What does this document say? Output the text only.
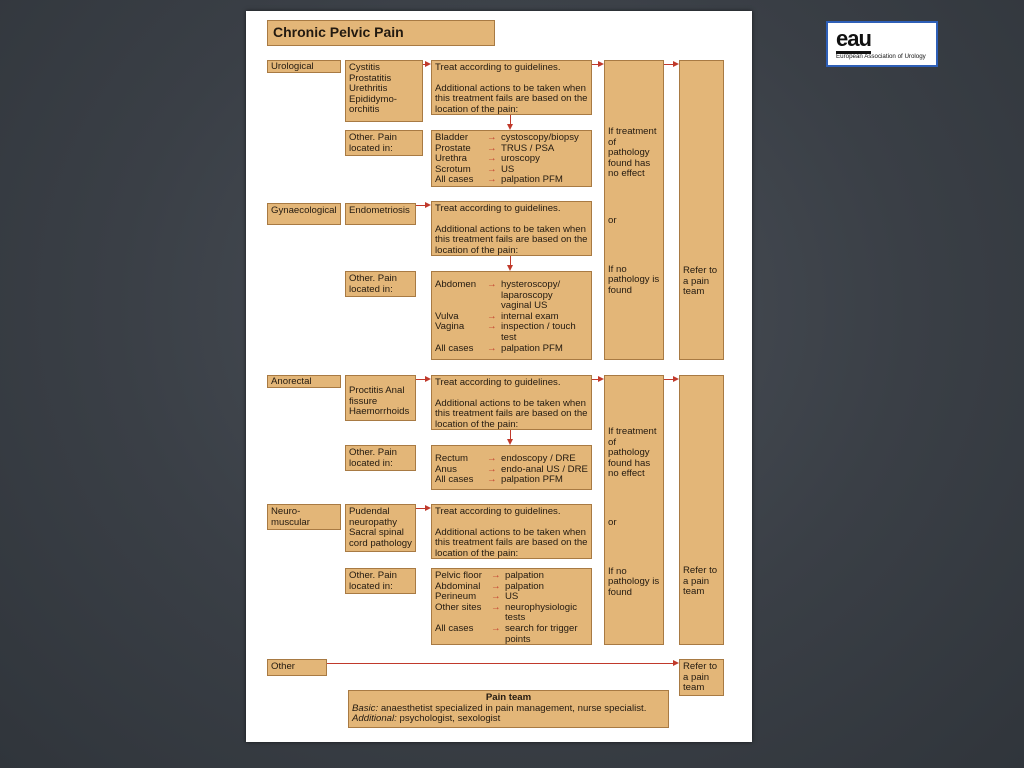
Chronic Pelvic Pain
Urological	Cystitis Prostatitis Urethritis Epididymo-orchitis
Treat according to guidelines.
Additional actions to be taken when this treatment fails are based on the location of the pain:
Other. Pain located in:
Bladder	→ cystoscopy/biopsy
Prostate	→ TRUS / PSA
Urethra	→ uroscopy
Scrotum	→ US
All cases	→ palpation PFM
Gynaecological	Endometriosis	Treat according to guidelines.
Additional actions to be taken when this treatment fails are based on the location of the pain:
Other. Pain located in:	Abdomen	→ hysteroscopy/ laparoscopy vaginal US
Vulva	→ internal exam
Vagina	→ inspection / touch test
All cases	→ palpation PFM
Anorectal
Proctitis Anal fissure Haemorrhoids
Treat according to guidelines.
Additional actions to be taken when this treatment fails are based on the location of the pain:
Other. Pain located in:	Rectum	→ endoscopy / DRE
Anus	→ endo-anal US / DRE
All cases	→ palpation PFM
Neuro-muscular
Pudendal neuropathy Sacral spinal cord pathology
Treat according to guidelines.
Additional actions to be taken when this treatment fails are based on the location of the pain:
Other. Pain located in:
Pelvic floor → palpation
Abdominal	→ palpation
Perineum	→ US
Other sites	→ neurophysiologic tests
All cases	→ search for trigger points
If treatment of pathology found has no effect
or
If no pathology is found
Refer to a pain team
If treatment of pathology found has no effect
or
If no pathology is found
Refer to a pain team
Other	Refer to a pain team
Pain team
Basic: anaesthetist specialized in pain management, nurse specialist.
Additional: psychologist, sexologist
eau
European Association of Urology
